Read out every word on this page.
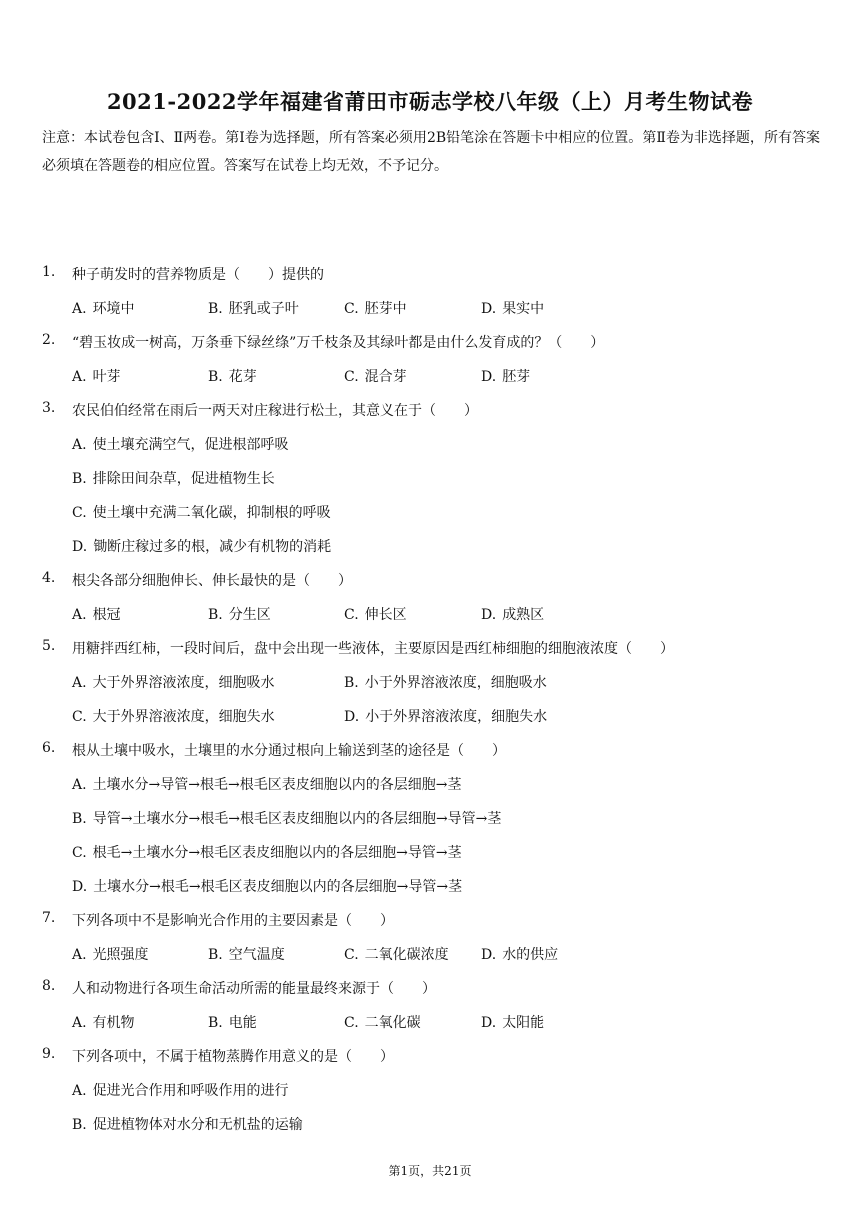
2021-2022学年福建省莆田市砺志学校八年级（上）月考生物试卷
注意：本试卷包含Ⅰ、Ⅱ两卷。第Ⅰ卷为选择题，所有答案必须用2B铅笔涂在答题卡中相应的位置。第Ⅱ卷为非选择题，所有答案必须填在答题卷的相应位置。答案写在试卷上均无效，不予记分。
1. 种子萌发时的营养物质是（　　）提供的
A. 环境中	B. 胚乳或子叶	C. 胚芽中	D. 果实中
2. “碧玉妆成一树高，万条垂下绿丝绦”万千枝条及其绿叶都是由什么发育成的？（　　）
A. 叶芽	B. 花芽	C. 混合芽	D. 胚芽
3. 农民伯伯经常在雨后一两天对庄稼进行松土，其意义在于（　　）
A. 使土壤充满空气，促进根部呼吸
B. 排除田间杂草，促进植物生长
C. 使土壤中充满二氧化碳，抑制根的呼吸
D. 锄断庄稼过多的根，减少有机物的消耗
4. 根尖各部分细胞伸长、伸长最快的是（　　）
A. 根冠	B. 分生区	C. 伸长区	D. 成熟区
5. 用糖拌西红柿，一段时间后，盘中会出现一些液体，主要原因是西红柿细胞的细胞液浓度（　　）
A. 大于外界溶液浓度，细胞吸水	B. 小于外界溶液浓度，细胞吸水
C. 大于外界溶液浓度，细胞失水	D. 小于外界溶液浓度，细胞失水
6. 根从土壤中吸水，土壤里的水分通过根向上输送到茎的途径是（　　）
A. 土壤水分→导管→根毛→根毛区表皮细胞以内的各层细胞→茎
B. 导管→土壤水分→根毛→根毛区表皮细胞以内的各层细胞→导管→茎
C. 根毛→土壤水分→根毛区表皮细胞以内的各层细胞→导管→茎
D. 土壤水分→根毛→根毛区表皮细胞以内的各层细胞→导管→茎
7. 下列各项中不是影响光合作用的主要因素是（　　）
A. 光照强度	B. 空气温度	C. 二氧化碳浓度 D. 水的供应
8. 人和动物进行各项生命活动所需的能量最终来源于（　　）
A. 有机物	B. 电能	C. 二氧化碳	D. 太阳能
9. 下列各项中，不属于植物蒸腾作用意义的是（　　）
A. 促进光合作用和呼吸作用的进行
B. 促进植物体对水分和无机盐的运输
第1页，共21页
